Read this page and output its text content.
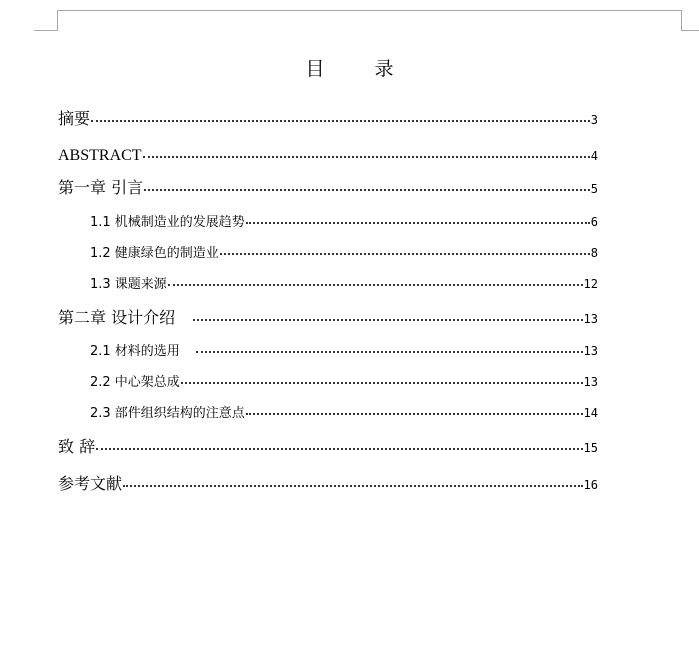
目 录
摘要	3
ABSTRACT	4
第一章 引言	5
1.1 机械制造业的发展趋势	6
1.2 健康绿色的制造业	8
1.3 课题来源	12
第二章 设计介绍	13
2.1 材料的选用	13
2.2 中心架总成	13
2.3 部件组织结构的注意点	14
致 辞	15
参考文献	16
